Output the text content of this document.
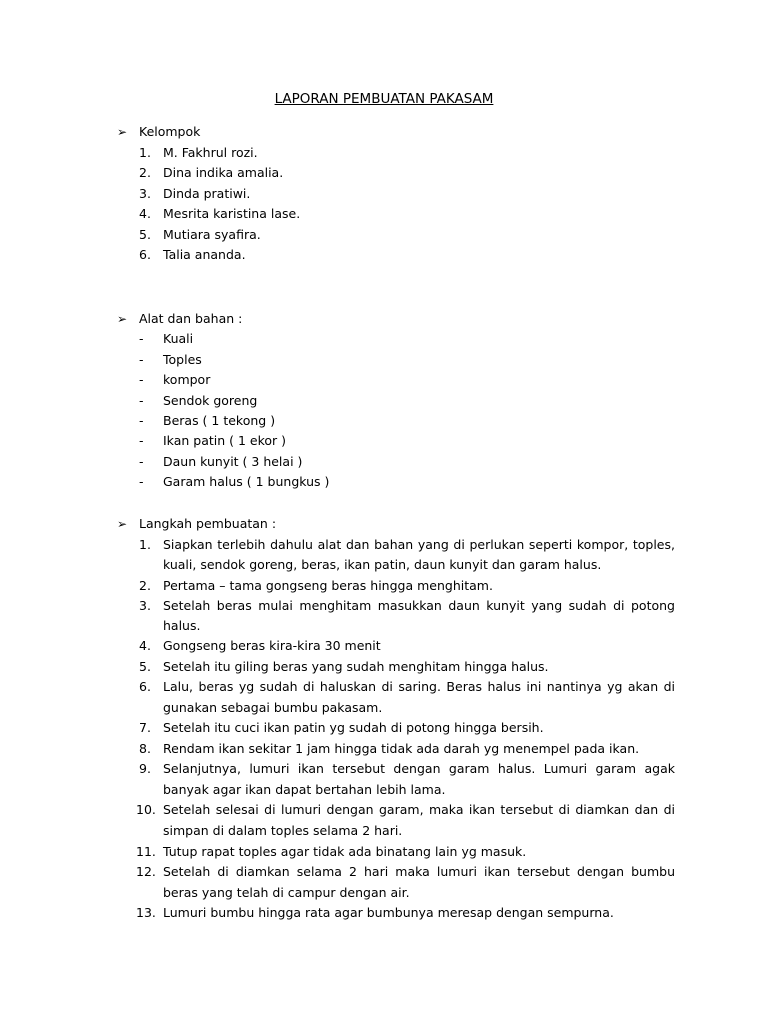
LAPORAN PEMBUATAN PAKASAM
➢ Kelompok
1. M. Fakhrul rozi.
2. Dina indika amalia.
3. Dinda pratiwi.
4. Mesrita karistina lase.
5. Mutiara syafira.
6. Talia ananda.
➢ Alat dan bahan :
- Kuali
- Toples
- kompor
- Sendok goreng
- Beras ( 1 tekong )
- Ikan patin ( 1 ekor )
- Daun kunyit ( 3 helai )
- Garam halus ( 1 bungkus )
➢ Langkah pembuatan :
1. Siapkan terlebih dahulu alat dan bahan yang di perlukan seperti kompor, toples,
kuali, sendok goreng, beras, ikan patin, daun kunyit dan garam halus.
2. Pertama – tama gongseng beras hingga menghitam.
3. Setelah beras mulai menghitam masukkan daun kunyit yang sudah di potong
halus.
4. Gongseng beras kira-kira 30 menit
5. Setelah itu giling beras yang sudah menghitam hingga halus.
6. Lalu, beras yg sudah di haluskan di saring. Beras halus ini nantinya yg akan di
gunakan sebagai bumbu pakasam.
7. Setelah itu cuci ikan patin yg sudah di potong hingga bersih.
8. Rendam ikan sekitar 1 jam hingga tidak ada darah yg menempel pada ikan.
9. Selanjutnya, lumuri ikan tersebut dengan garam halus. Lumuri garam agak
banyak agar ikan dapat bertahan lebih lama.
10. Setelah selesai di lumuri dengan garam, maka ikan tersebut di diamkan dan di
simpan di dalam toples selama 2 hari.
11. Tutup rapat toples agar tidak ada binatang lain yg masuk.
12. Setelah di diamkan selama 2 hari maka lumuri ikan tersebut dengan bumbu
beras yang telah di campur dengan air.
13. Lumuri bumbu hingga rata agar bumbunya meresap dengan sempurna.
